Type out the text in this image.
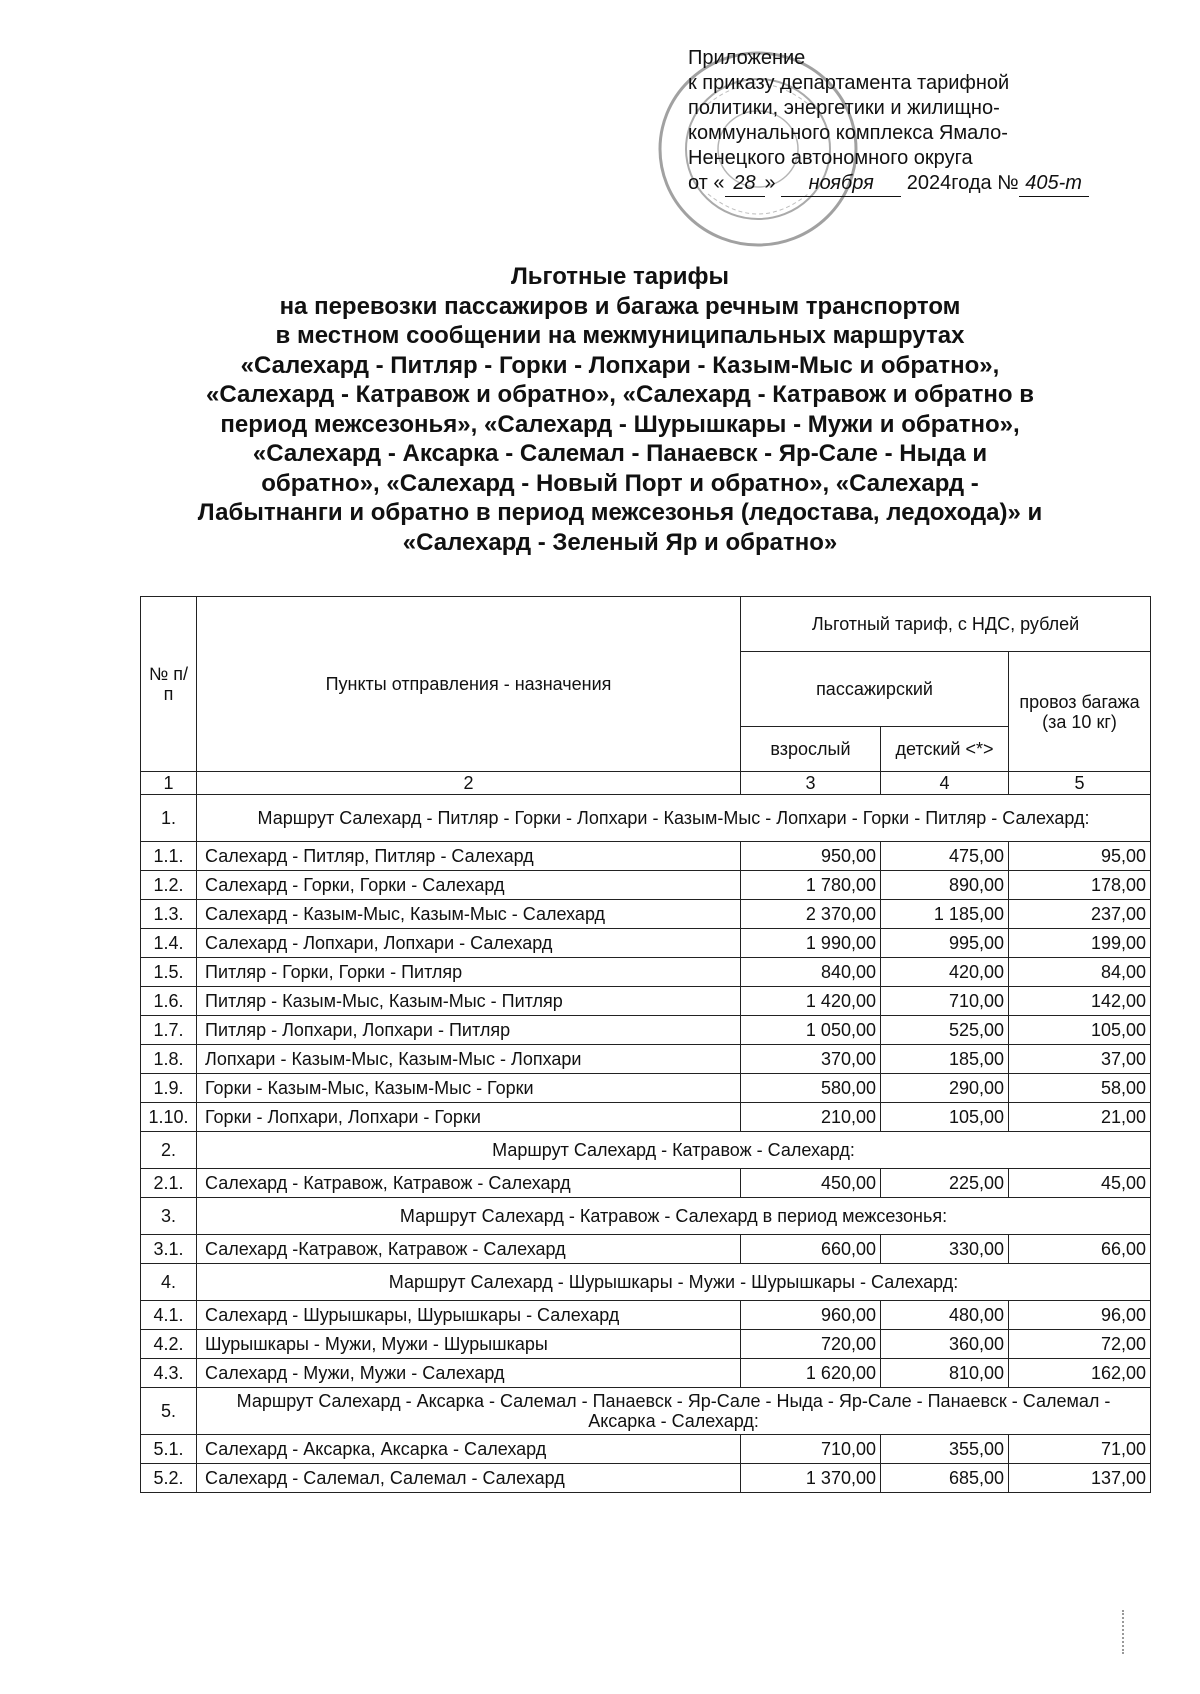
Приложение
к приказу департамента тарифной
политики, энергетики и жилищно-
коммунального комплекса Ямало-
Ненецкого автономного округа
от « 28 » ноября 2024года № 405-т
Льготные тарифы
на перевозки пассажиров и багажа речным транспортом
в местном сообщении на межмуниципальных маршрутах
«Салехард - Питляр - Горки - Лопхари - Казым-Мыс и обратно»,
«Салехард - Катравож и обратно», «Салехард - Катравож и обратно в
период межсезонья», «Салехард - Шурышкары - Мужи и обратно»,
«Салехард - Аксарка - Салемал - Панаевск - Яр-Сале - Ныда и
обратно», «Салехард - Новый Порт и обратно», «Салехард -
Лабытнанги и обратно в период межсезонья (ледостава, ледохода)» и
«Салехард - Зеленый Яр и обратно»
№ п/п	Пункты отправления - назначения	Льготный тариф, с НДС, рублей		
		пассажирский		провоз багажа (за 10 кг)
		взрослый	детский <*>	
1	2	3	4	5
1.	Маршрут Салехард - Питляр - Горки - Лопхари - Казым-Мыс - Лопхари - Горки - Питляр - Салехард:			
1.1.	Салехард - Питляр, Питляр - Салехард	950,00	475,00	95,00
1.2.	Салехард - Горки, Горки - Салехард	1 780,00	890,00	178,00
1.3.	Салехард - Казым-Мыс, Казым-Мыс - Салехард	2 370,00	1 185,00	237,00
1.4.	Салехард - Лопхари, Лопхари - Салехард	1 990,00	995,00	199,00
1.5.	Питляр - Горки, Горки - Питляр	840,00	420,00	84,00
1.6.	Питляр - Казым-Мыс, Казым-Мыс - Питляр	1 420,00	710,00	142,00
1.7.	Питляр - Лопхари, Лопхари - Питляр	1 050,00	525,00	105,00
1.8.	Лопхари - Казым-Мыс, Казым-Мыс - Лопхари	370,00	185,00	37,00
1.9.	Горки - Казым-Мыс, Казым-Мыс - Горки	580,00	290,00	58,00
1.10.	Горки - Лопхари, Лопхари - Горки	210,00	105,00	21,00
2.	Маршрут Салехард - Катравож - Салехард:			
2.1.	Салехард - Катравож, Катравож - Салехард	450,00	225,00	45,00
3.	Маршрут Салехард - Катравож - Салехард в период межсезонья:			
3.1.	Салехард -Катравож, Катравож - Салехард	660,00	330,00	66,00
4.	Маршрут Салехард - Шурышкары - Мужи - Шурышкары - Салехард:			
4.1.	Салехард - Шурышкары, Шурышкары - Салехард	960,00	480,00	96,00
4.2.	Шурышкары - Мужи, Мужи - Шурышкары	720,00	360,00	72,00
4.3.	Салехард - Мужи, Мужи - Салехард	1 620,00	810,00	162,00
5.	Маршрут Салехард - Аксарка - Салемал - Панаевск - Яр-Сале - Ныда - Яр-Сале - Панаевск - Салемал - Аксарка - Салехард:			
5.1.	Салехард - Аксарка, Аксарка - Салехард	710,00	355,00	71,00
5.2.	Салехард - Салемал, Салемал - Салехард	1 370,00	685,00	137,00
